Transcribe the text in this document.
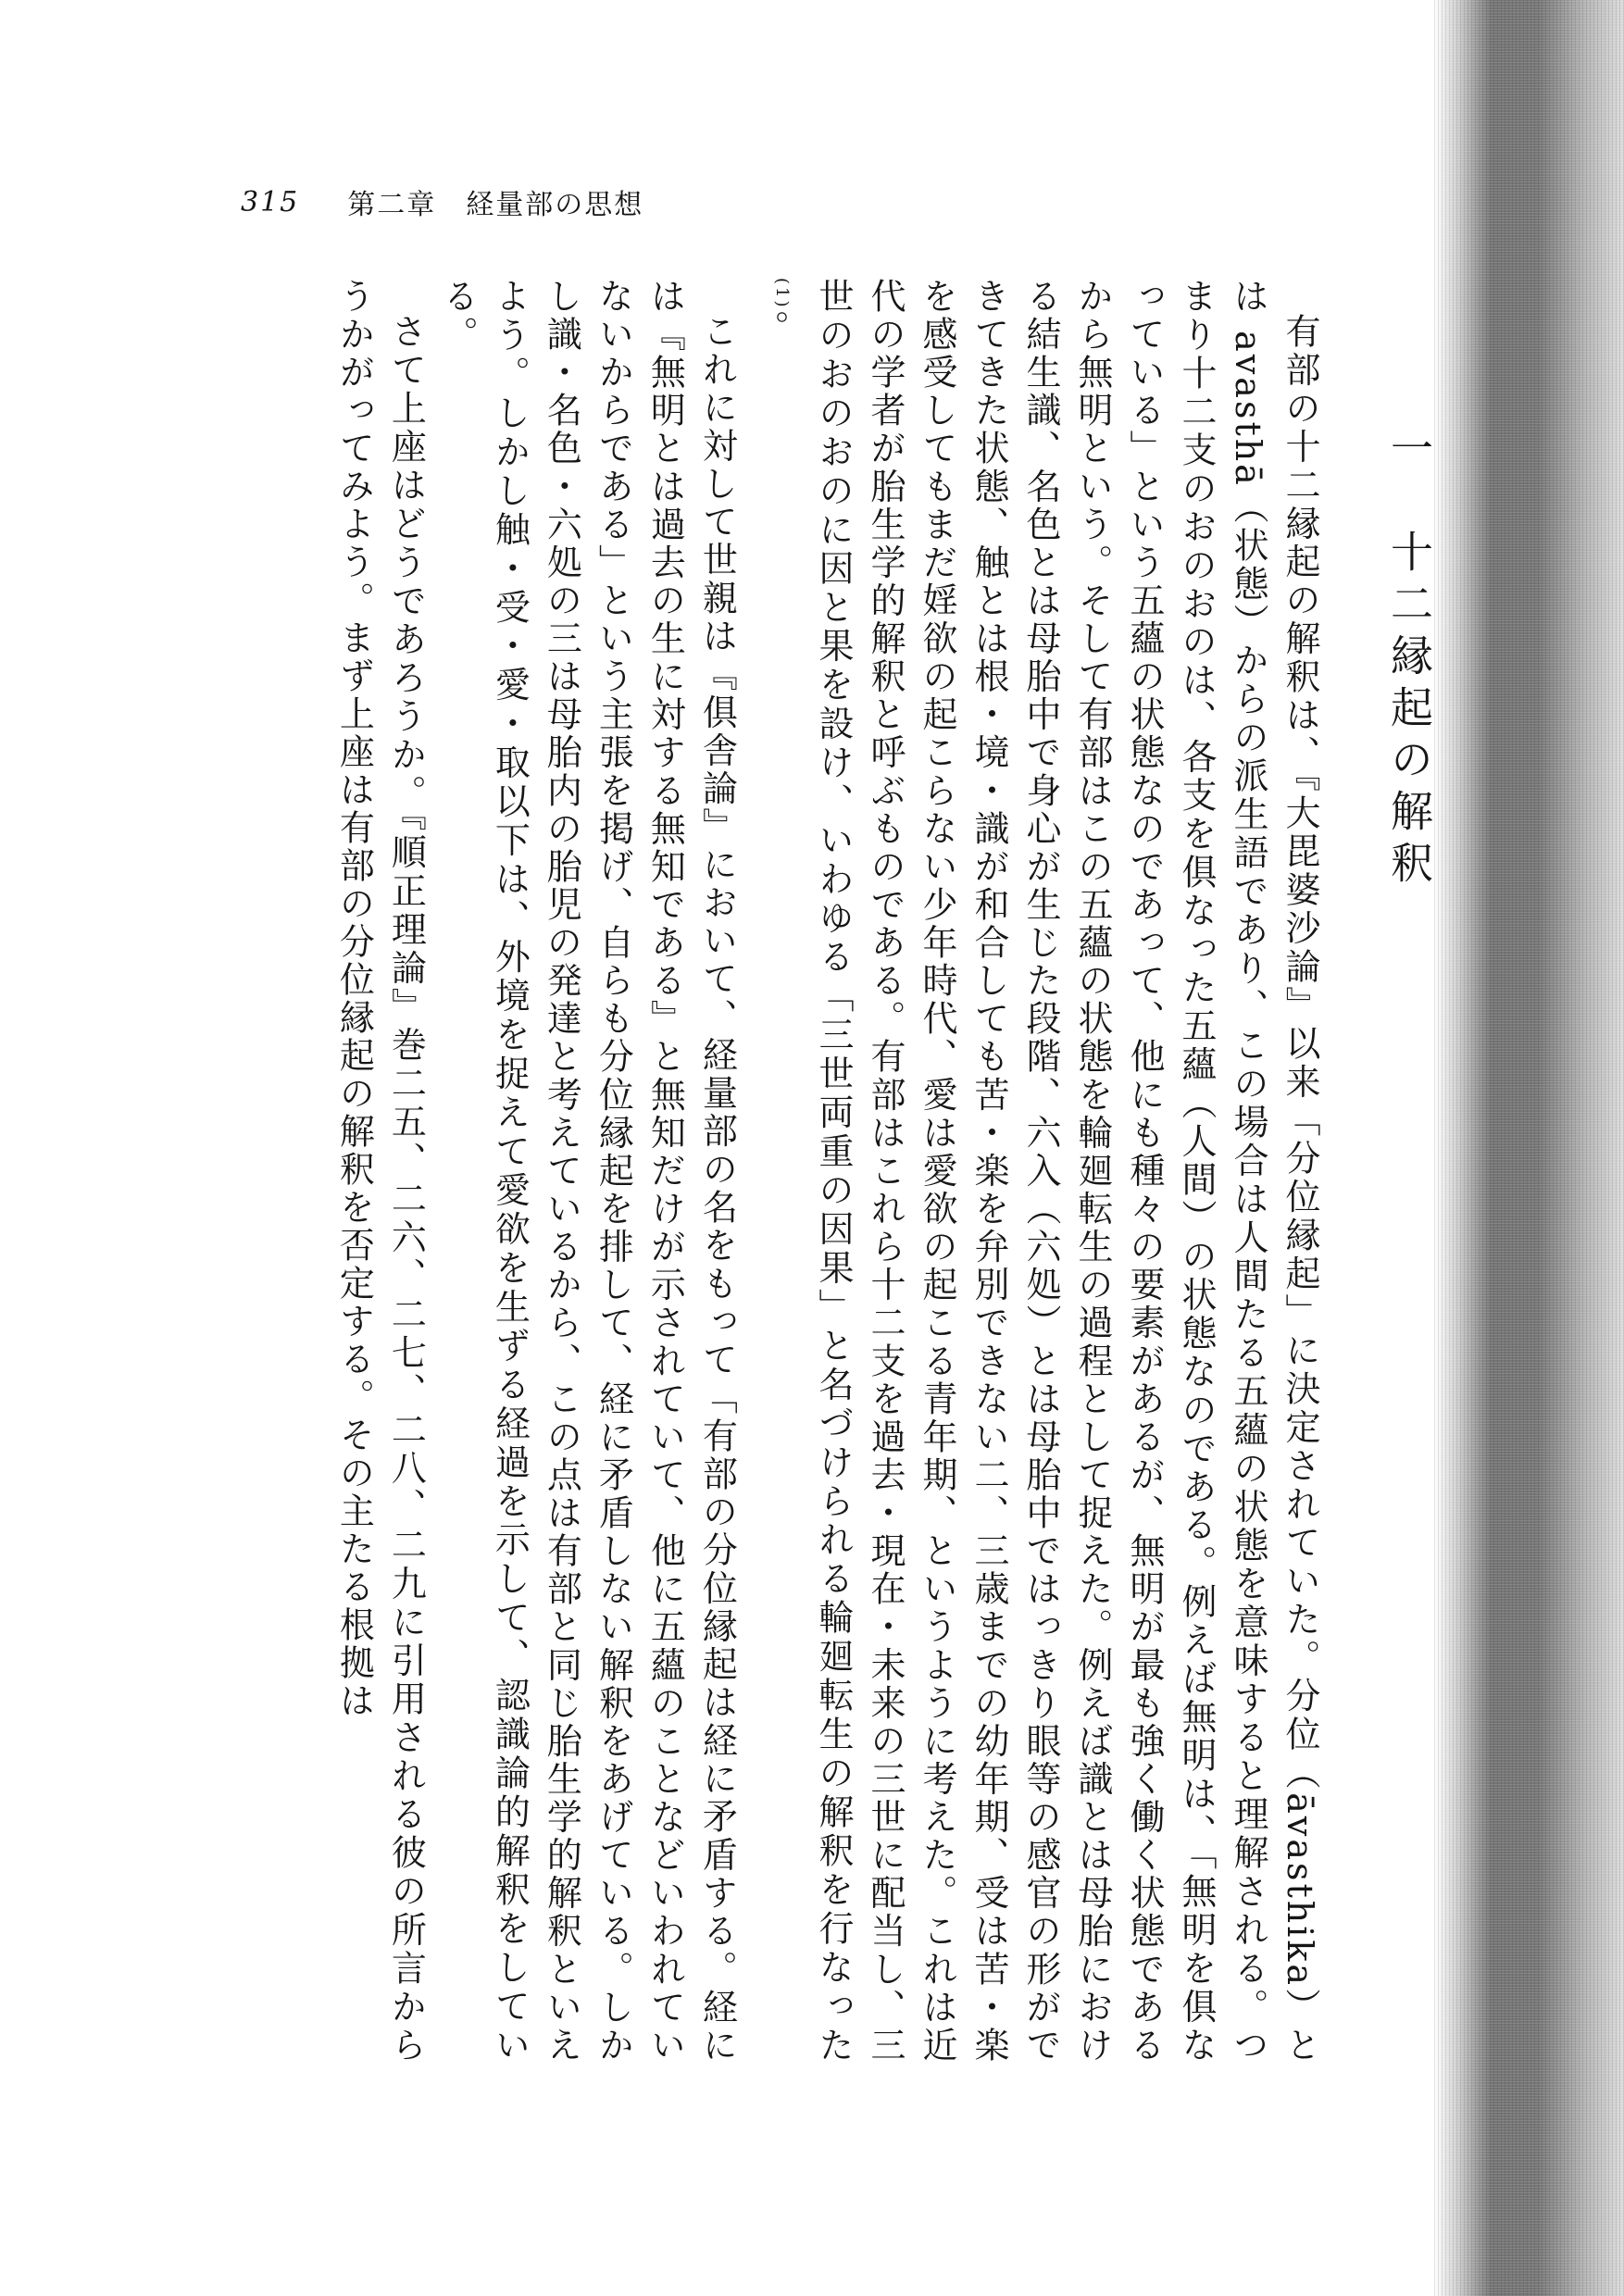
315 第二章　経量部の思想
一　十二縁起の解釈

有部の十二縁起の解釈は、『大毘婆沙論』以来「分位縁起」に決定されていた。分位（āvasthika）とは avasthā（状態）からの派生語であり、この場合は人間たる五蘊の状態を意味すると理解される。つまり十二支のおのおのは、各支を俱なった五蘊（人間）の状態なのである。例えば無明は、「無明を俱なっている」という五蘊の状態なのであって、他にも種々の要素があるが、無明が最も強く働く状態であるから無明という。そして有部はこの五蘊の状態を輪廻転生の過程として捉えた。例えば識とは母胎における結生識、名色とは母胎中で身心が生じた段階、六入（六処）とは母胎中ではっきり眼等の感官の形ができてきた状態、触とは根・境・識が和合しても苦・楽を弁別できない二、三歳までの幼年期、受は苦・楽を感受してもまだ婬欲の起こらない少年時代、愛は愛欲の起こる青年期、というように考えた。これは近代の学者が胎生学的解釈と呼ぶものである。有部はこれら十二支を過去・現在・未来の三世に配当し、三世のおのおのに因と果を設け、いわゆる「三世両重の因果」と名づけられる輪廻転生の解釈を行なった$^{(1)}$。

これに対して世親は『俱舎論』において、経量部の名をもって「有部の分位縁起は経に矛盾する。経には『無明とは過去の生に対する無知である』と無知だけが示されていて、他に五蘊のことなどいわれていないからである」という主張を掲げ、自らも分位縁起を排して、経に矛盾しない解釈をあげている。しかし識・名色・六処の三は母胎内の胎児の発達と考えているから、この点は有部と同じ胎生学的解釈といえよう。しかし触・受・愛・取以下は、外境を捉えて愛欲を生ずる経過を示して、認識論的解釈をしている。

さて上座はどうであろうか。『順正理論』巻二五、二六、二七、二八、二九に引用される彼の所言からうかがってみよう。まず上座は有部の分位縁起の解釈を否定する。その主たる根拠は
